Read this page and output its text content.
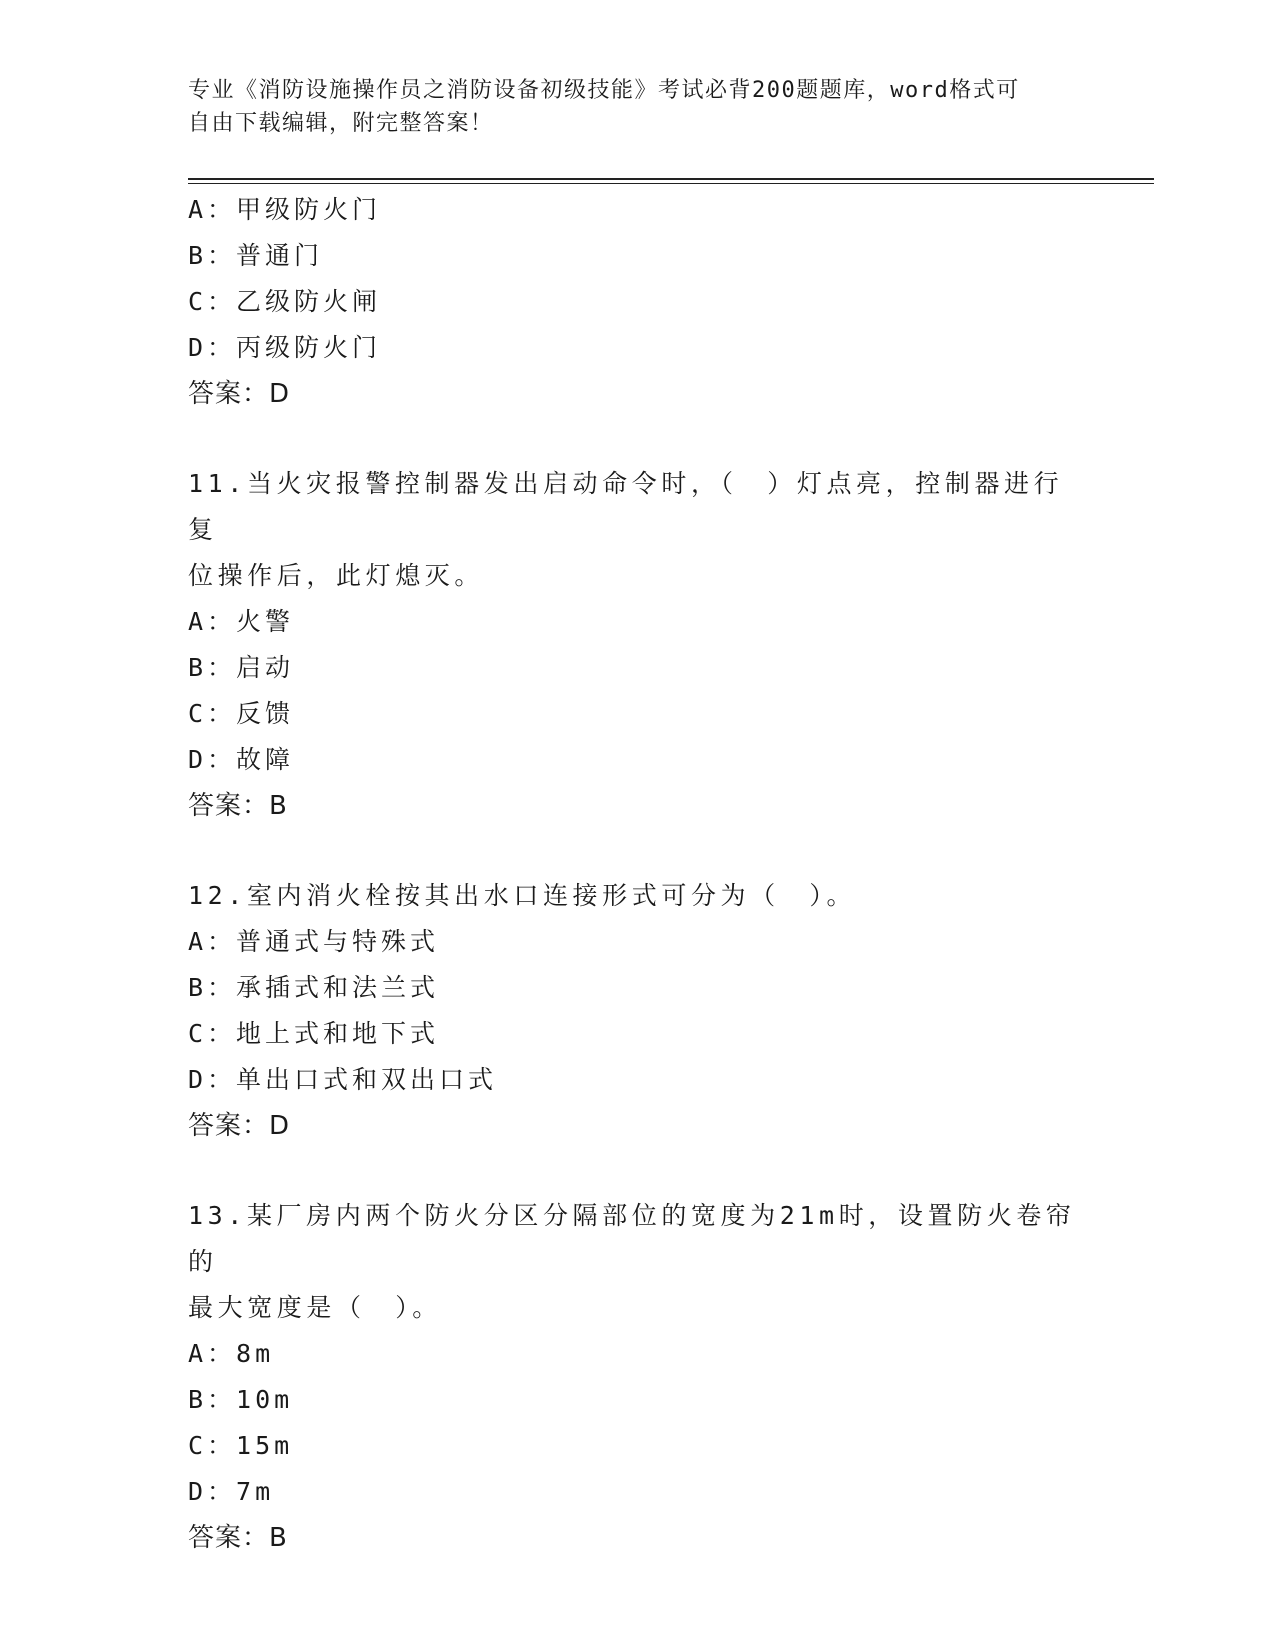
专业《消防设施操作员之消防设备初级技能》考试必背200题题库，word格式可
自由下载编辑，附完整答案！
A：甲级防火门
B：普通门
C：乙级防火闸
D：丙级防火门
答案：D
11.当火灾报警控制器发出启动命令时，（　）灯点亮，控制器进行复
位操作后，此灯熄灭。
A：火警
B：启动
C：反馈
D：故障
答案：B
12.室内消火栓按其出水口连接形式可分为（　）。
A：普通式与特殊式
B：承插式和法兰式
C：地上式和地下式
D：单出口式和双出口式
答案：D
13.某厂房内两个防火分区分隔部位的宽度为21m时，设置防火卷帘的
最大宽度是（　）。
A：8m
B：10m
C：15m
D：7m
答案：B
